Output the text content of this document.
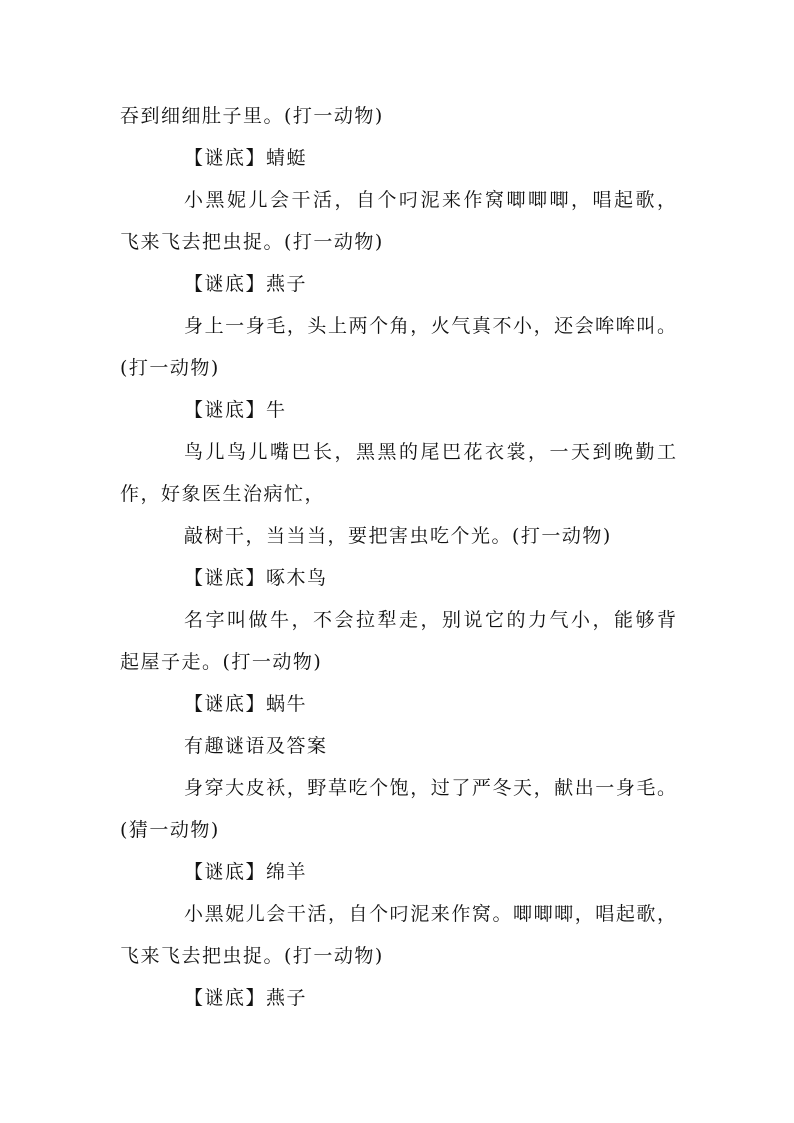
吞到细细肚子里。(打一动物)
【谜底】蜻蜓
小黑妮儿会干活，自个叼泥来作窝唧唧唧，唱起歌，
飞来飞去把虫捉。(打一动物)
【谜底】燕子
身上一身毛，头上两个角，火气真不小，还会哞哞叫。
(打一动物)
【谜底】牛
鸟儿鸟儿嘴巴长，黑黑的尾巴花衣裳，一天到晚勤工
作，好象医生治病忙，
敲树干，当当当，要把害虫吃个光。(打一动物)
【谜底】啄木鸟
名字叫做牛，不会拉犁走，别说它的力气小，能够背
起屋子走。(打一动物)
【谜底】蜗牛
有趣谜语及答案
身穿大皮袄，野草吃个饱，过了严冬天，献出一身毛。
(猜一动物)
【谜底】绵羊
小黑妮儿会干活，自个叼泥来作窝。唧唧唧，唱起歌，
飞来飞去把虫捉。(打一动物)
【谜底】燕子
